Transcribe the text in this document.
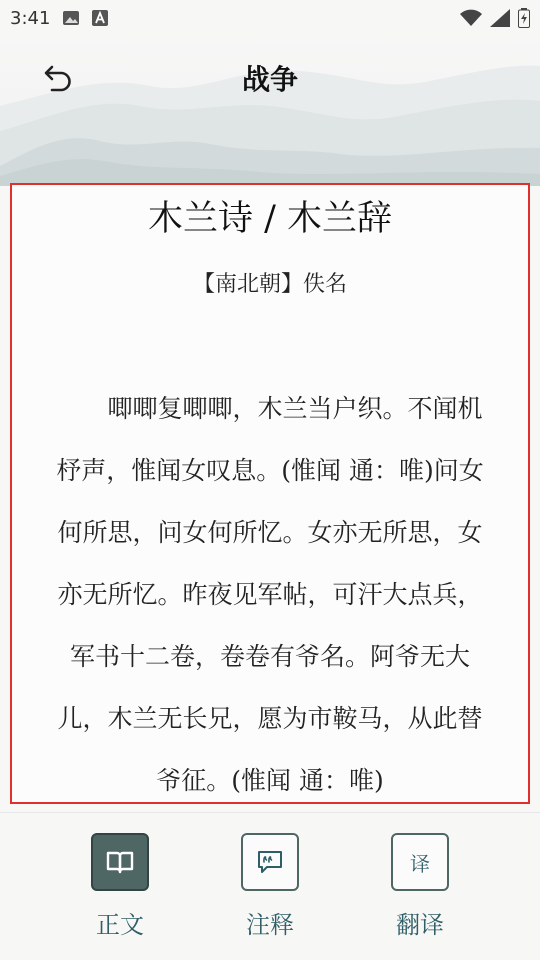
3:41
战争
木兰诗 / 木兰辞
【南北朝】佚名
　　唧唧复唧唧，木兰当户织。不闻机
杼声，惟闻女叹息。(惟闻 通：唯)问女
何所思，问女何所忆。女亦无所思，女
亦无所忆。昨夜见军帖，可汗大点兵，
军书十二卷，卷卷有爷名。阿爷无大
儿，木兰无长兄，愿为市鞍马，从此替
爷征。(惟闻 通：唯)
正文	注释
译
翻译
